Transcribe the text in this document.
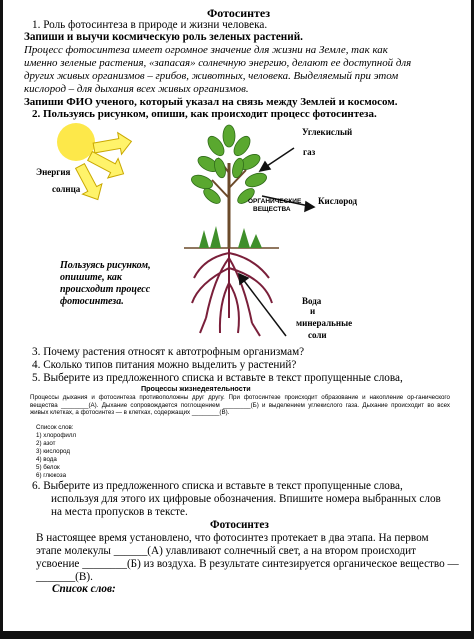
Фотосинтез
1. Роль фотосинтеза в природе и жизни человека.
Запиши и выучи космическую роль зеленых растений.
Процесс фотосинтеза имеет огромное значение для жизни на Земле, так как
именно зеленые растения, «запасая» солнечную энергию, делают ее доступной для
других живых организмов – грибов, животных, человека. Выделяемый при этом
кислород – для дыхания всех живых организмов.
Запиши ФИО ученого, который указал на связь между Землей и космосом.
2. Пользуясь рисунком, опиши, как происходит процесс фотосинтеза.
Энергия
солнца
Углекислый
газ
Кислород
ОРГАНИЧЕСКИЕ
ВЕЩЕСТВА
Вода
и
минеральные
соли
Пользуясь рисунком, опишите, как происходит процесс фотосинтеза.
3. Почему растения относят к автотрофным организмам?
4. Сколько типов питания можно выделить у растений?
5. Выберите из предложенного списка и вставьте в текст пропущенные слова,
Процессы жизнедеятельности
Процессы дыхания и фотосинтеза противоположны друг другу. При фотосинтезе происходит образование и накопление ор-ганического вещества ________(А). Дыхание сопровождается поглощением ________(Б) и выделением углекислого газа. Дыхание происходит во всех живых клетках, а фотосинтез — в клетках, содержащих ________(В).
Список слов:
1) хлорофилл
2) азот
3) кислород
4) вода
5) белок
6) глюкоза
6. Выберите из предложенного списка и вставьте в текст пропущенные слова,
используя для этого их цифровые обозначения. Впишите номера выбранных слов
на места пропусков в тексте.
Фотосинтез
В настоящее время установлено, что фотосинтез протекает в два этапа. На первом
этапе молекулы ______(А) улавливают солнечный свет, а на втором происходит
усвоение ________(Б) из воздуха. В результате синтезируется органическое вещество —
_______(В).
Список слов:
